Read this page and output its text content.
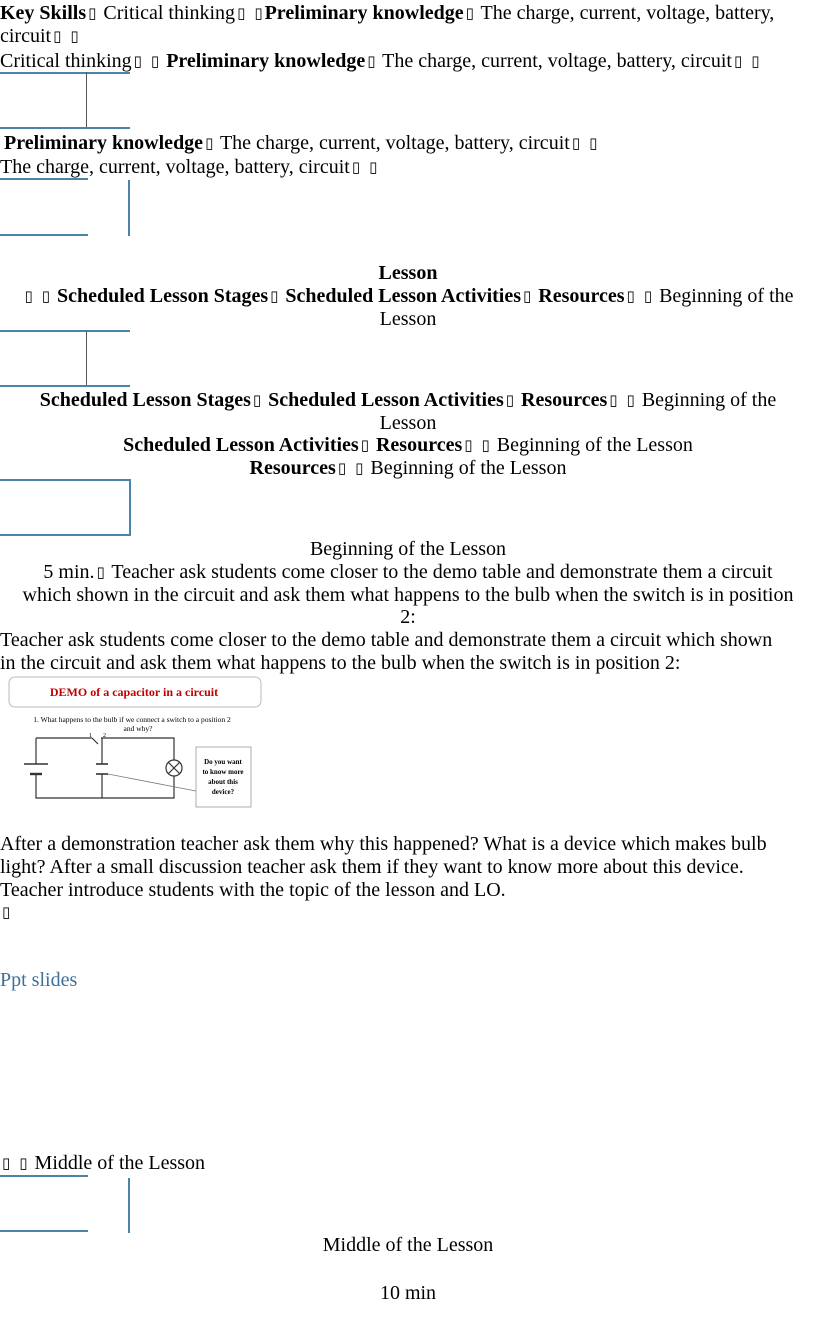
Key Skills ▯ Critical thinking ▯ ▯ Preliminary knowledge ▯ The charge, current, voltage, battery,
circuit ▯ ▯
Critical thinking ▯ ▯ Preliminary knowledge ▯ The charge, current, voltage, battery, circuit ▯ ▯
Preliminary knowledge ▯ The charge, current, voltage, battery, circuit ▯ ▯
The charge, current, voltage, battery, circuit ▯ ▯
Lesson
▯ ▯ Scheduled Lesson Stages ▯ Scheduled Lesson Activities ▯ Resources ▯ ▯ Beginning of the
Lesson
Scheduled Lesson Stages ▯ Scheduled Lesson Activities ▯ Resources ▯ ▯ Beginning of the
Lesson
Scheduled Lesson Activities ▯ Resources ▯ ▯ Beginning of the Lesson
Resources ▯ ▯ Beginning of the Lesson
Beginning of the Lesson
5 min. ▯ Teacher ask students come closer to the demo table and demonstrate them a circuit
which shown in the circuit and ask them what happens to the bulb when the switch is in position
2:
Teacher ask students come closer to the demo table and demonstrate them a circuit which shown
in the circuit and ask them what happens to the bulb when the switch is in position 2:
DEMO of a capacitor in a circuit
1. What happens to the bulb if we connect a switch to a position 2
and why?
1 2
Do you want
to know more
about this
device?
After a demonstration teacher ask them why this happened? What is a device which makes bulb
light? After a small discussion teacher ask them if they want to know more about this device.
Teacher introduce students with the topic of the lesson and LO.
▯
Ppt slides
▯ ▯ Middle of the Lesson
Middle of the Lesson
10 min
